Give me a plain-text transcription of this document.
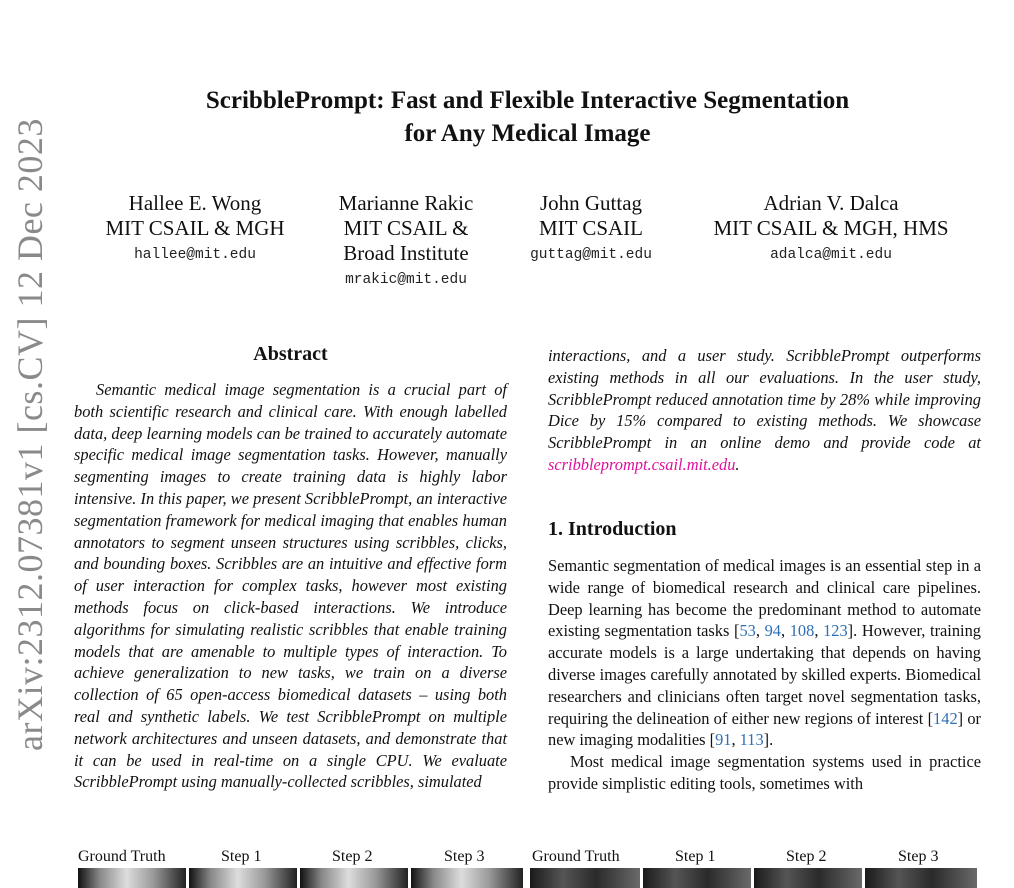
arXiv:2312.07381v1 [cs.CV] 12 Dec 2023
ScribblePrompt: Fast and Flexible Interactive Segmentation
for Any Medical Image
Hallee E. Wong
MIT CSAIL & MGH
hallee@mit.edu
Marianne Rakic
MIT CSAIL &
Broad Institute
mrakic@mit.edu
John Guttag
MIT CSAIL
guttag@mit.edu
Adrian V. Dalca
MIT CSAIL & MGH, HMS
adalca@mit.edu
Abstract

Semantic medical image segmentation is a crucial part of both scientific research and clinical care. With enough labelled data, deep learning models can be trained to accurately automate specific medical image segmentation tasks. However, manually segmenting images to create training data is highly labor intensive. In this paper, we present ScribblePrompt, an interactive segmentation framework for medical imaging that enables human annotators to segment unseen structures using scribbles, clicks, and bounding boxes. Scribbles are an intuitive and effective form of user interaction for complex tasks, however most existing methods focus on click-based interactions. We introduce algorithms for simulating realistic scribbles that enable training models that are amenable to multiple types of interaction. To achieve generalization to new tasks, we train on a diverse collection of 65 open-access biomedical datasets – using both real and synthetic labels. We test ScribblePrompt on multiple network architectures and unseen datasets, and demonstrate that it can be used in real-time on a single CPU. We evaluate ScribblePrompt using manually-collected scribbles, simulated

interactions, and a user study. ScribblePrompt outperforms existing methods in all our evaluations. In the user study, ScribblePrompt reduced annotation time by 28% while improving Dice by 15% compared to existing methods. We showcase ScribblePrompt in an online demo and provide code at scribbleprompt.csail.mit.edu.
1. Introduction

Semantic segmentation of medical images is an essential step in a wide range of biomedical research and clinical care pipelines. Deep learning has become the predominant method to automate existing segmentation tasks [53, 94, 108, 123]. However, training accurate models is a large undertaking that depends on having diverse images carefully annotated by skilled experts. Biomedical researchers and clinicians often target novel segmentation tasks, requiring the delineation of either new regions of interest [142] or new imaging modalities [91, 113].

Most medical image segmentation systems used in practice provide simplistic editing tools, sometimes with

Ground Truth	Step 1	Step 2	Step 3	Ground Truth	Step 1	Step 2	Step 3
